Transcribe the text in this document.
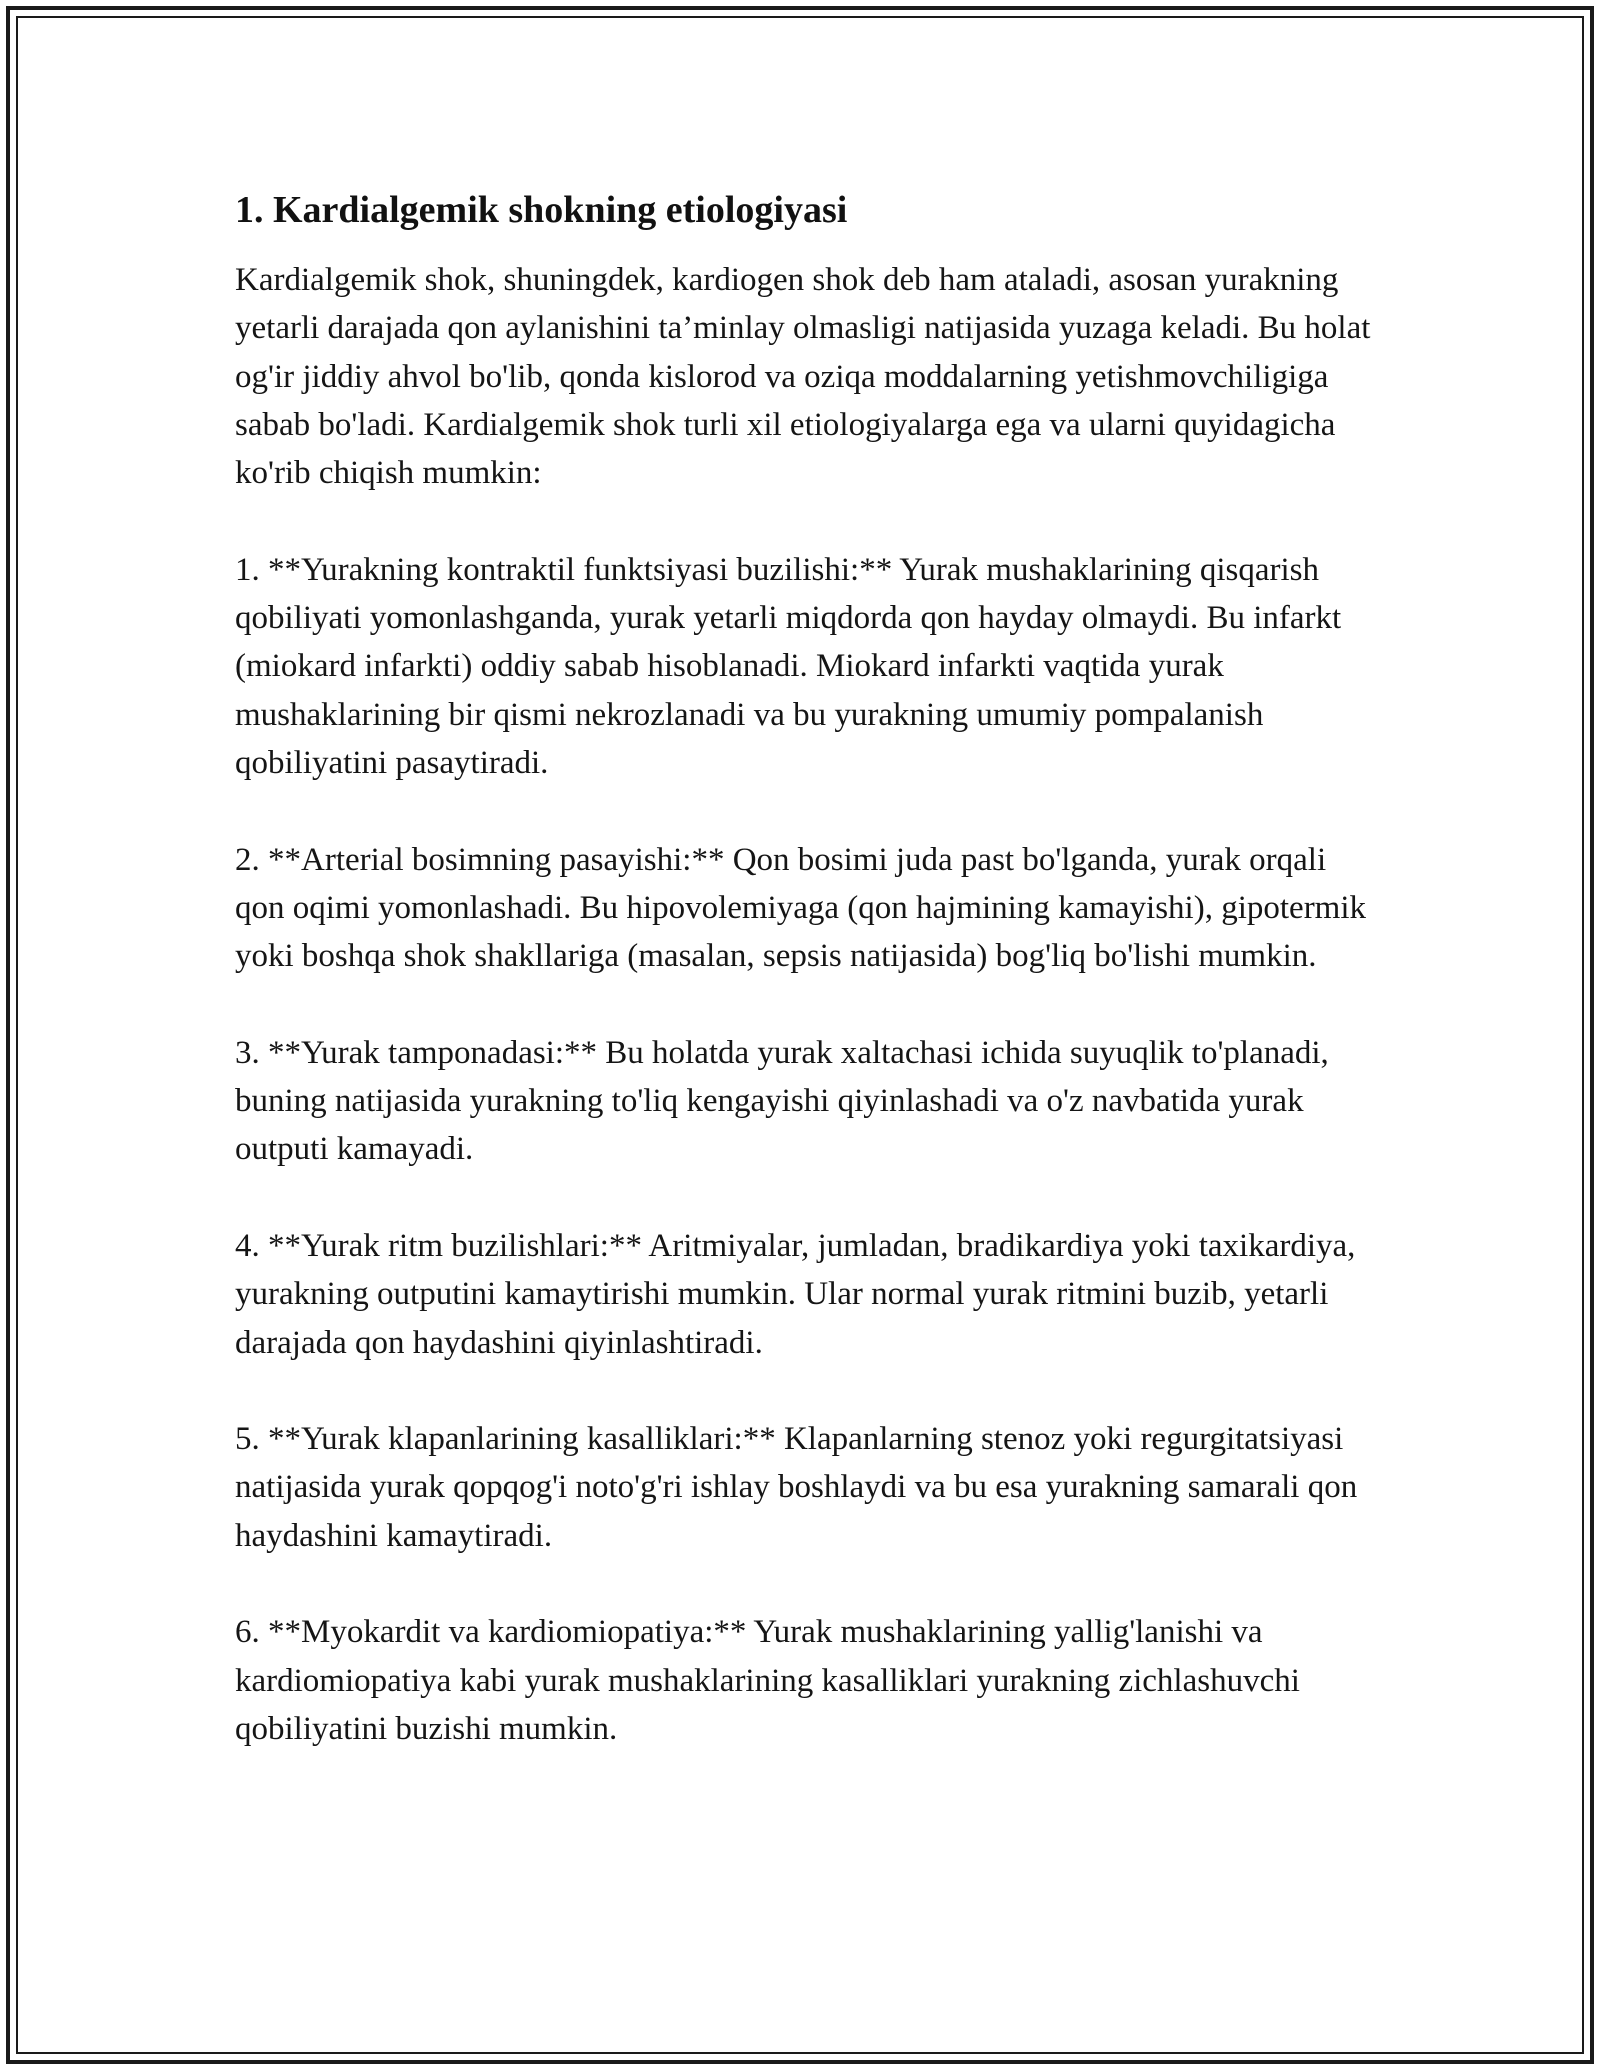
1. Kardialgemik shokning etiologiyasi

Kardialgemik shok, shuningdek, kardiogen shok deb ham ataladi, asosan yurakning yetarli darajada qon aylanishini ta’minlay olmasligi natijasida yuzaga keladi. Bu holat og'ir jiddiy ahvol bo'lib, qonda kislorod va oziqa moddalarning yetishmovchiligiga sabab bo'ladi. Kardialgemik shok turli xil etiologiyalarga ega va ularni quyidagicha ko'rib chiqish mumkin:

1. **Yurakning kontraktil funktsiyasi buzilishi:** Yurak mushaklarining qisqarish qobiliyati yomonlashganda, yurak yetarli miqdorda qon hayday olmaydi. Bu infarkt (miokard infarkti) oddiy sabab hisoblanadi. Miokard infarkti vaqtida yurak mushaklarining bir qismi nekrozlanadi va bu yurakning umumiy pompalanish qobiliyatini pasaytiradi.

2. **Arterial bosimning pasayishi:** Qon bosimi juda past bo'lganda, yurak orqali qon oqimi yomonlashadi. Bu hipovolemiyaga (qon hajmining kamayishi), gipotermik yoki boshqa shok shakllariga (masalan, sepsis natijasida) bog'liq bo'lishi mumkin.

3. **Yurak tamponadasi:** Bu holatda yurak xaltachasi ichida suyuqlik to'planadi, buning natijasida yurakning to'liq kengayishi qiyinlashadi va o'z navbatida yurak outputi kamayadi.

4. **Yurak ritm buzilishlari:** Aritmiyalar, jumladan, bradikardiya yoki taxikardiya, yurakning outputini kamaytirishi mumkin. Ular normal yurak ritmini buzib, yetarli darajada qon haydashini qiyinlashtiradi.

5. **Yurak klapanlarining kasalliklari:** Klapanlarning stenoz yoki regurgitatsiyasi natijasida yurak qopqog'i noto'g'ri ishlay boshlaydi va bu esa yurakning samarali qon haydashini kamaytiradi.

6. **Myokardit va kardiomiopatiya:** Yurak mushaklarining yallig'lanishi va kardiomiopatiya kabi yurak mushaklarining kasalliklari yurakning zichlashuvchi qobiliyatini buzishi mumkin.
